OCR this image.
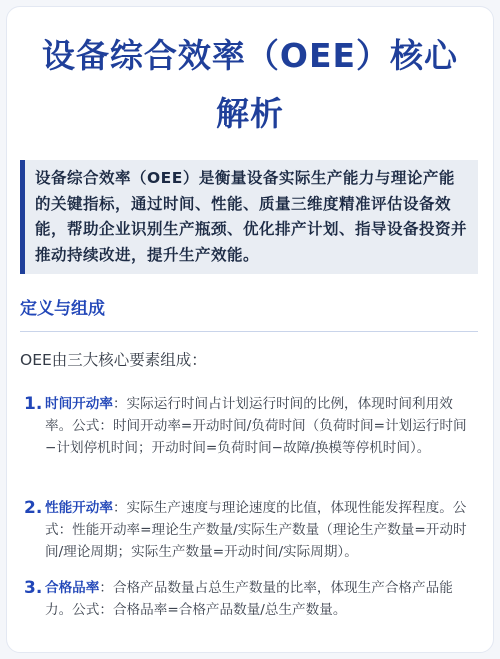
设备综合效率（OEE）核心
解析

设备综合效率（OEE）是衡量设备实际生产能力与理论产能的关键指标，通过时间、性能、质量三维度精准评估设备效能，帮助企业识别生产瓶颈、优化排产计划、指导设备投资并推动持续改进，提升生产效能。

定义与组成

OEE由三大核心要素组成：

1. 时间开动率：实际运行时间占计划运行时间的比例，体现时间利用效率。公式：时间开动率=开动时间/负荷时间（负荷时间=计划运行时间−计划停机时间；开动时间=负荷时间−故障/换模等停机时间）。
2. 性能开动率：实际生产速度与理论速度的比值，体现性能发挥程度。公式：性能开动率=理论生产数量/实际生产数量（理论生产数量=开动时间/理论周期；实际生产数量=开动时间/实际周期）。
3. 合格品率：合格产品数量占总生产数量的比率，体现生产合格产品能力。公式：合格品率=合格产品数量/总生产数量。
